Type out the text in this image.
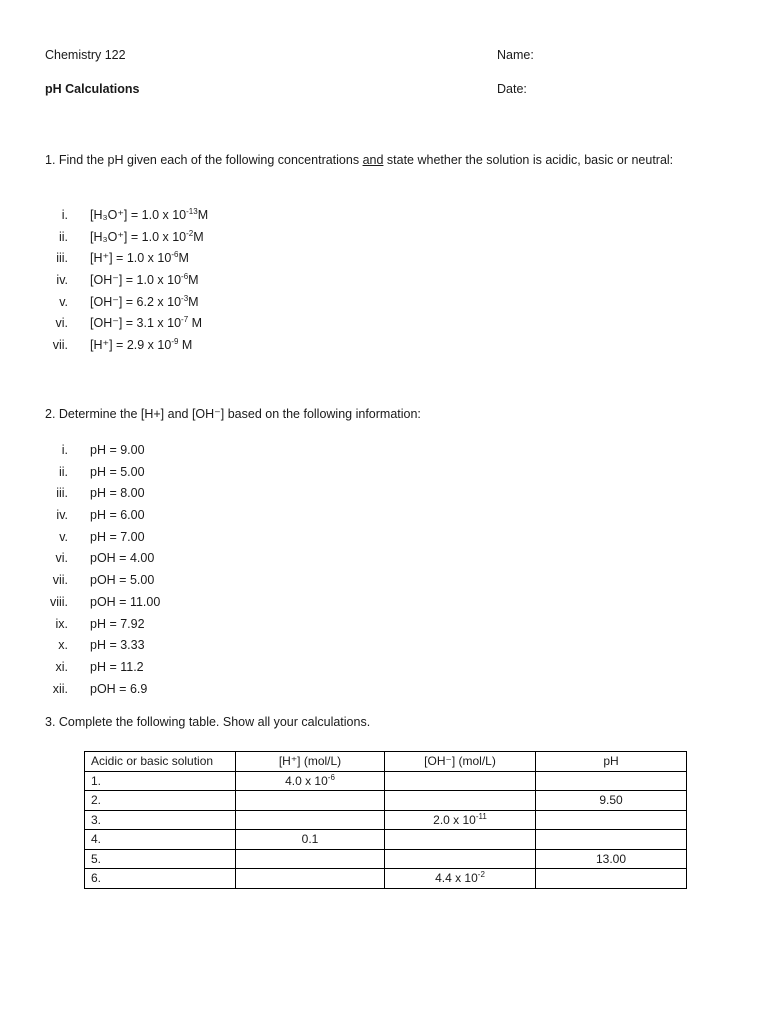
Chemistry 122
pH Calculations
Name:
Date:
1. Find the pH given each of the following concentrations and state whether the solution is acidic, basic or neutral:
i. [H₃O⁺] = 1.0 x $10^{-13}M$
ii. [H₃O⁺] = 1.0 x $10^{-2}M$
iii. [H⁺] = 1.0 x $10^{-6}M$
iv. [OH⁻] = 1.0 x $10^{-6}M$
v. [OH⁻] = 6.2 x $10^{-3}M$
vi. [OH⁻] = 3.1 x $10^{-7}$ M
vii. [H⁺] = 2.9 x $10^{-9}$ M
2. Determine the [H+] and [OH⁻] based on the following information:
i. pH = 9.00
ii. pH = 5.00
iii. pH = 8.00
iv. pH = 6.00
v. pH = 7.00
vi. pOH = 4.00
vii. pOH = 5.00
viii. pOH = 11.00
ix. pH = 7.92
x. pH = 3.33
xi. pH = 11.2
xii. pOH = 6.9
3. Complete the following table. Show all your calculations.
Acidic or basic solution	[H⁺] (mol/L)	[OH⁻] (mol/L)	pH
1.	4.0 x $10^{-6}$		
2.			9.50
3.		2.0 x $10^{-11}$	
4.	0.1		
5.			13.00
6.		4.4 x $10^{-2}$	
